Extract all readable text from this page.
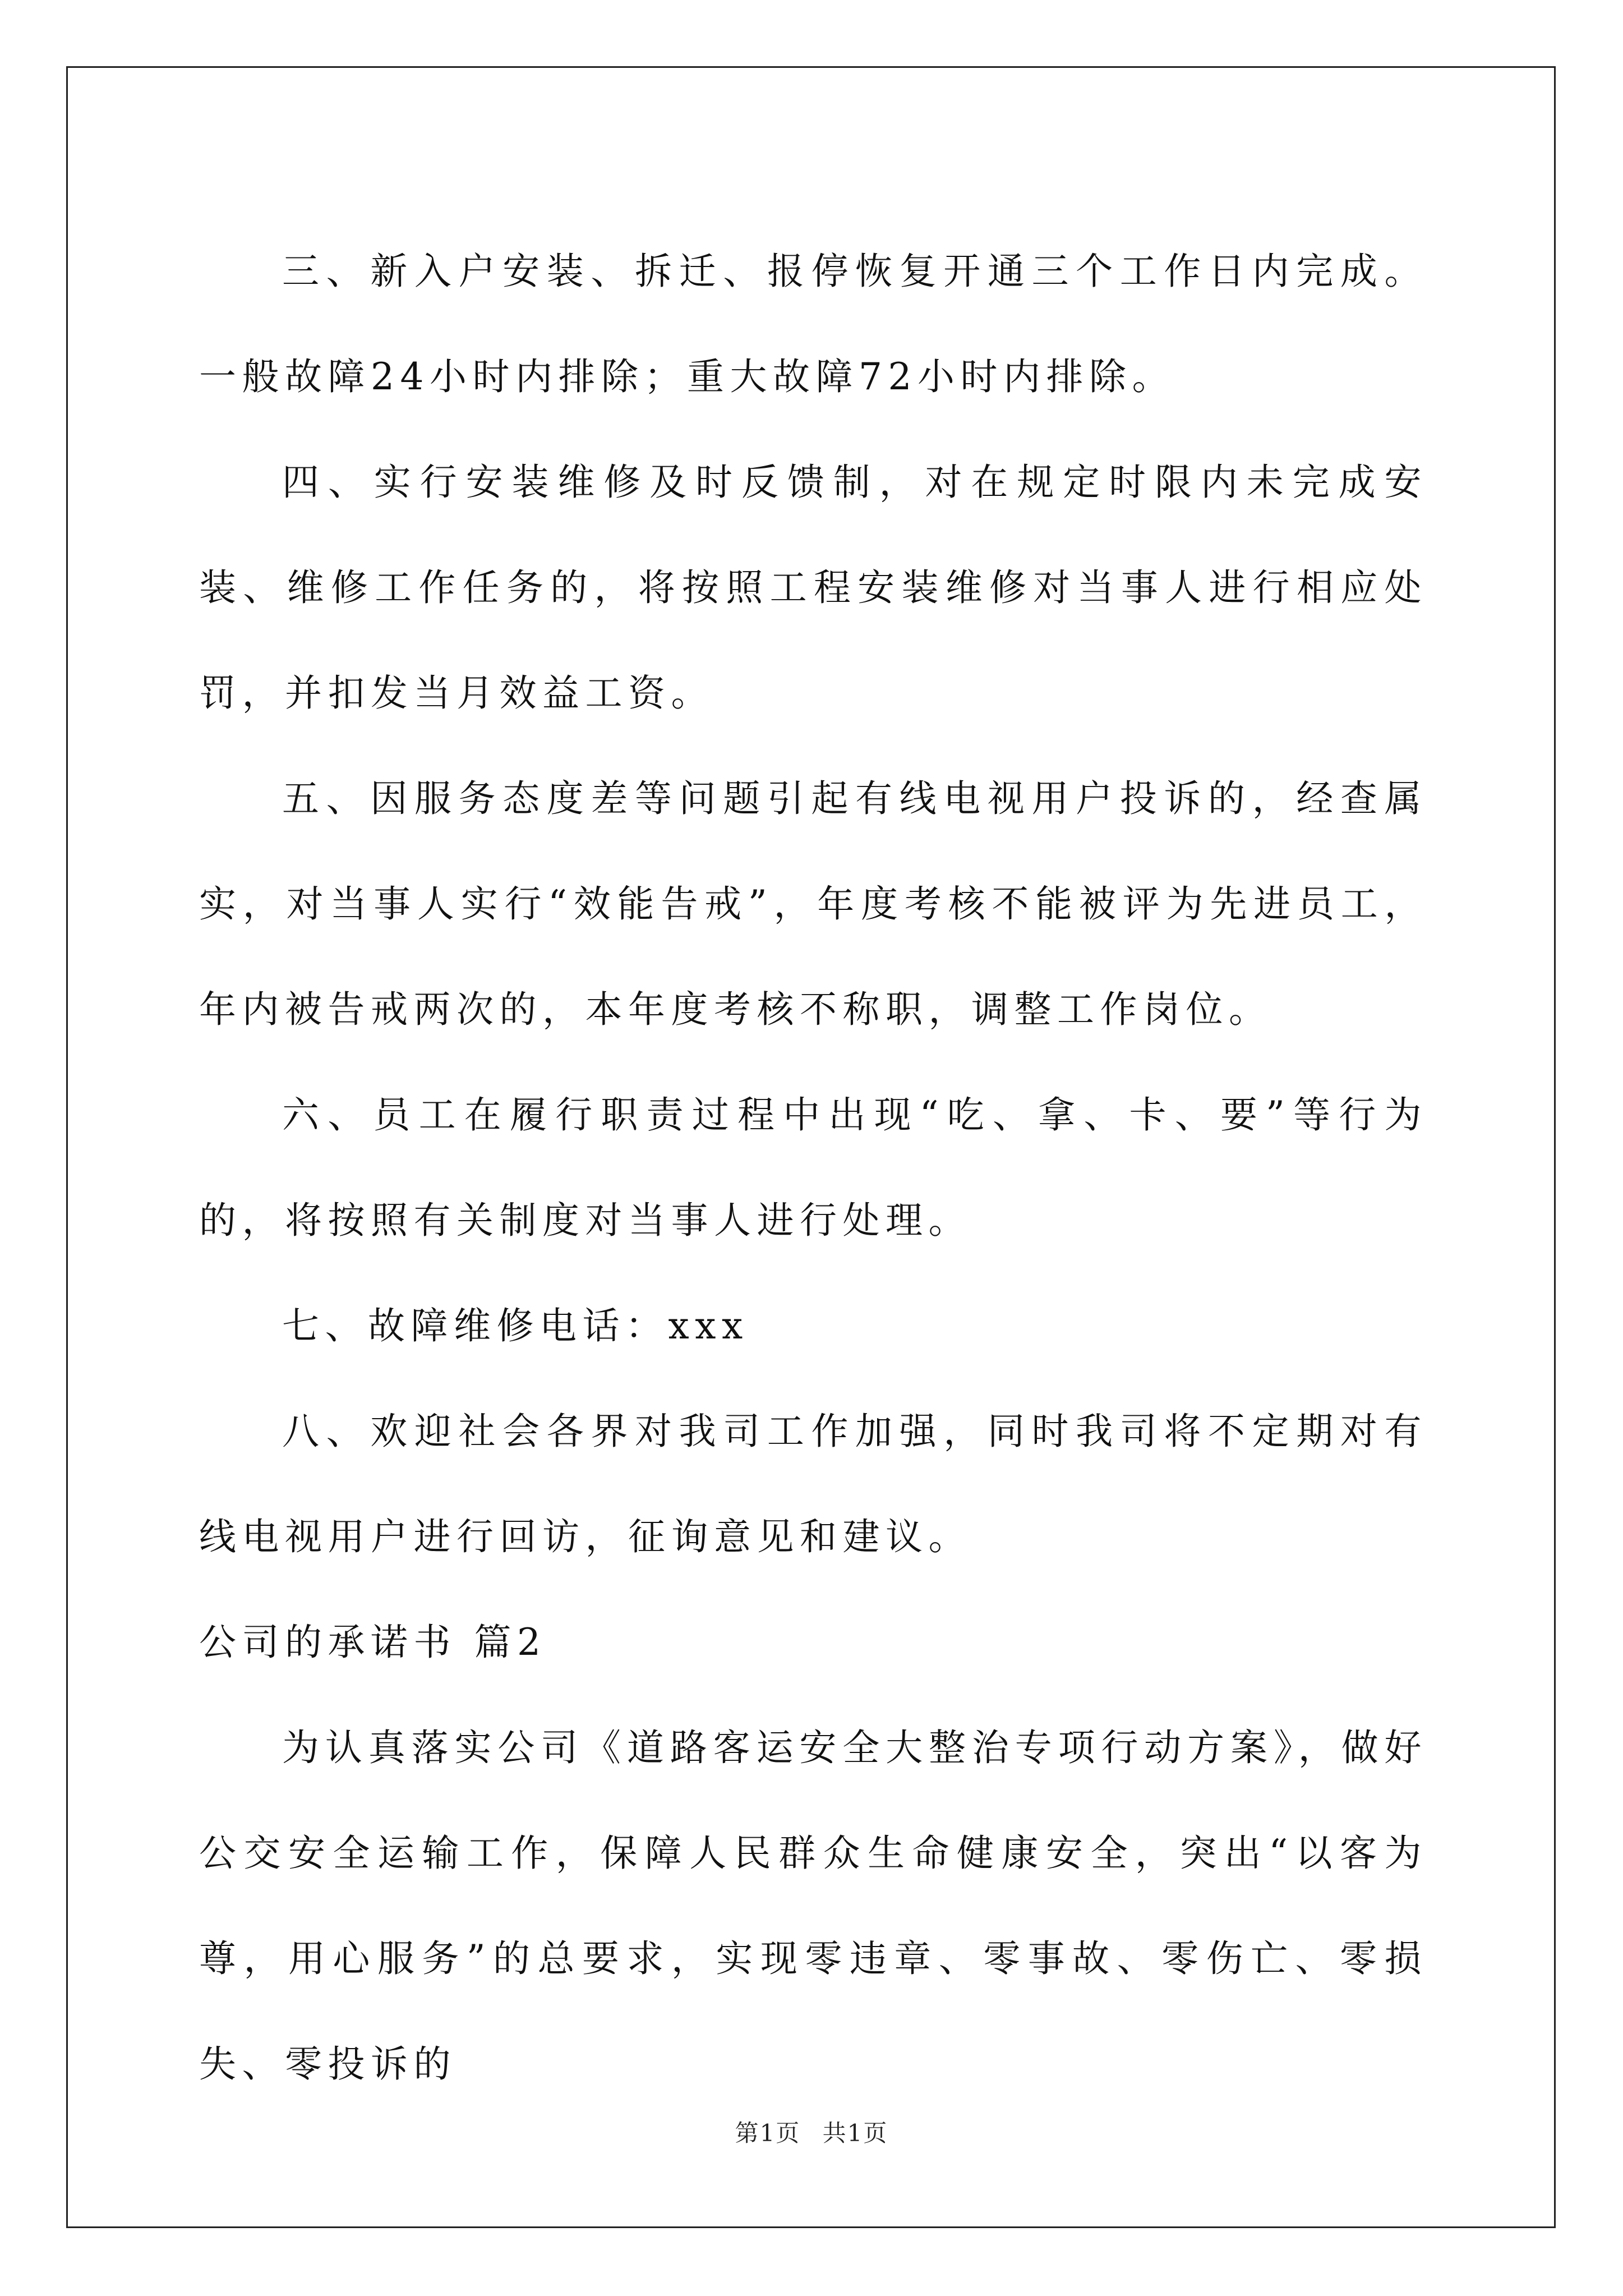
三、新入户安装、拆迁、报停恢复开通三个工作日内完成。一般故障24小时内排除；重大故障72小时内排除。

四、实行安装维修及时反馈制，对在规定时限内未完成安装、维修工作任务的，将按照工程安装维修对当事人进行相应处罚，并扣发当月效益工资。

五、因服务态度差等问题引起有线电视用户投诉的，经查属实，对当事人实行“效能告戒”，年度考核不能被评为先进员工，年内被告戒两次的，本年度考核不称职，调整工作岗位。

六、员工在履行职责过程中出现“吃、拿、卡、要”等行为的，将按照有关制度对当事人进行处理。

七、故障维修电话：xxx

八、欢迎社会各界对我司工作加强，同时我司将不定期对有线电视用户进行回访，征询意见和建议。

公司的承诺书 篇2

为认真落实公司《道路客运安全大整治专项行动方案》，做好公交安全运输工作，保障人民群众生命健康安全，突出“以客为尊，用心服务”的总要求，实现零违章、零事故、零伤亡、零损失、零投诉的

第1页 共1页
